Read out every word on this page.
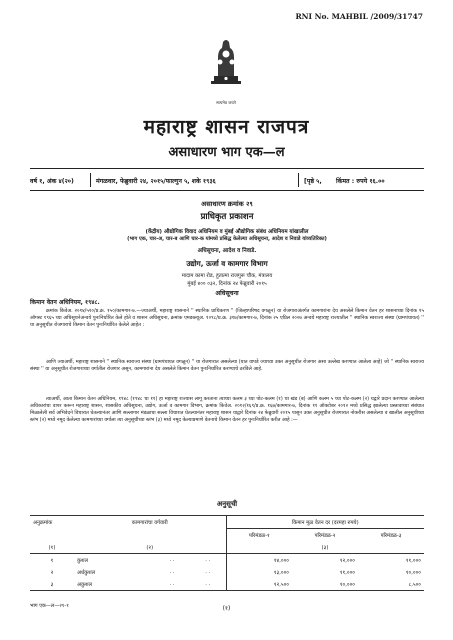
RNI No. MAHBIL /2009/31747
सत्यमेव जयते
महाराष्ट्र शासन राजपत्र
असाधारण भाग एक—ल
वर्ष १, अंक ४(२०)	मंगळवार, फेब्रुवारी २४, २०१५/फाल्गुन ५, शके १९३६	[पृष्ठे ५, किंमत : रुपये १६.००
असाधारण क्रमांक २९
प्राधिकृत प्रकाशन
(केंद्रीय) औद्योगिक विवाद अधिनियम व मुंबई औद्योगिक संबंध अधिनियम यांखालील
(भाग एक, चार-अ, चार-ब आणि चार-क यांमध्ये प्रसिद्ध केलेल्या अधिसूचना, आदेश व निवाडे यांव्यतिरिक्त)
अधिसूचना, आदेश व निवाडे.
उद्योग, ऊर्जा व कामगार विभाग
मादाम कामा रोड, हुतात्मा राजगुरू चौक, मंत्रालय
मुंबई ४०० ०३२, दिनांक २४ फेब्रुवारी २०१५
अधिसूचना
किमान वेतन अधिनियम, १९४८.
क्रमांक किवेअ. २०१४/५१०/प्र.क्र. १५०/कामगार-७.—ज्याअर्थी, महाराष्ट्र शासनाने '' स्थानिक प्राधिकरण '' (जिल्हापरिषद वगळून) या रोजगाराअंतर्गत कामगारांना देय असलेले किमान वेतन हर शासनाच्या दिनांक १५ ऑगस्ट १९६५ च्या अधिसूचनेअन्वये पुनःनिर्धारित केले होते व शासन अधिसूचना, क्रमांक एमडब्ल्यूअ. १०९८/प्र.क्र. ३१७/कामगार-७, दिनांक २५ एप्रिल २००७ अन्वये महाराष्ट्र राज्यातील '' स्थानिक स्वराज्य संस्था (ग्रामपंचायत) '' या अनुसूचीत रोजगाराचे किमान वेतन पुनःनिर्धारित केलेले आहेत :
आणि ज्याअर्थी, महाराष्ट्र शासनाने '' स्थानिक स्वराज्य संस्था (ग्रामपंचायत वगळून) '' या रोजगारात असलेल्या (यात वापडे ज्याच्या उक्त अनुसूचीत रोजगार असा उल्लेख करण्यात आलेला आहे) जो '' स्थानिक स्वराज्य संस्था '' या अनुसूचीत रोजगाराच्या वर्गातील रोजगार असून, कामगारांना देय असलेले किमान वेतन पुनःनिर्धारित करण्याचे ठरविले आहे.
त्याअर्थी, आता किमान वेतन अधिनियम, १९४८ (१९४८ चा ११) हा महाराष्ट्र राज्यास लागू करताना त्याच्या कलम ३ च्या पोट-कलम (१) चा खंड (ब) आणि कलम ५ च्या पोट-कलम (२) यद्वारे प्रदान करण्यात आलेल्या अधिकारांचा वापर करून महाराष्ट्र शासन, शासकीय अधिसूचना, उद्योग, ऊर्जा व कामगार विभाग, क्रमांक किवेअ. २०१२/१६९/प्र.क्र. १६७/कामगार-७, दिनांक ११ ऑक्टोबर २०१२ मध्ये प्रसिद्ध झालेल्या प्रस्तावाच्या संबंधात मिळालेली सर्व अभिवेदने विचारात घेतल्यानंतर आणि सल्लागार मंडळाचा सल्ला विचारात घेतल्यानंतर महाराष्ट्र शासन याद्वारे दिनांक २४ फेब्रुवारी २०१५ पासून उक्त अनुसूचीत रोजगारात नोकरीस असलेल्या व खालील अनुसूचीच्या स्तंभ (२) मध्ये नमूद केलेल्या कामगारांच्या वर्गाला त्या अनुसूचीच्या स्तंभ (३) मध्ये नमूद केल्याप्रमाणे वेतनाचे किमान वेतन हर पुनःनिर्धारित करीत आहे :—
अनुसूची
अनुक्रमांक	कामगारांचा वर्गवारी			किमान मूळ वेतन दर (दरमहा रुपये)		
				परिमंडळ-१	परिमंडळ-२	परिमंडळ-३
(१)	(२)				(३)	
१	कुशल	. .	. .	१४,०००	१२,०००	११,०००
२	अर्धकुशल	. .	. .	१३,०००	११,०००	१०,०००
३	अकुशल	. .	. .	१२,५००	१०,०००	८,५००
भाग एक—ल—२१-१	(१)
